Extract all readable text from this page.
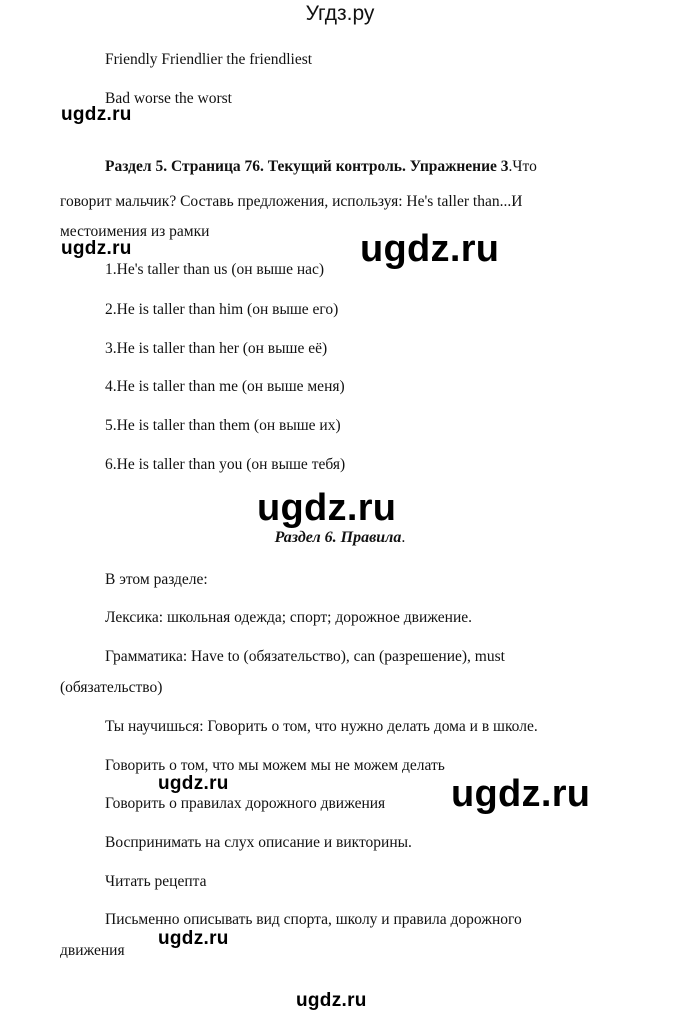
Угдз.ру
Friendly Friendlier the friendliest
Bad worse the worst
ugdz.ru
Раздел 5. Страница 76. Текущий контроль. Упражнение 3.Что
говорит мальчик? Составь предложения, используя: He's taller than...И
местоимения из рамки
ugdz.ru	ugdz.ru
1.He's taller than us (он выше нас)
2.He is taller than him (он выше его)
3.He is taller than her (он выше её)
4.He is taller than me (он выше меня)
5.He is taller than them (он выше их)
6.He is taller than you (он выше тебя)
ugdz.ru
Раздел 6. Правила.
В этом разделе:
Лексика: школьная одежда; спорт; дорожное движение.
Грамматика: Have to (обязательство), can (разрешение), must
(обязательство)
Ты научишься: Говорить о том, что нужно делать дома и в школе.
Говорить о том, что мы можем мы не можем делать
ugdz.ru	ugdz.ru
Говорить о правилах дорожного движения
Воспринимать на слух описание и викторины.
Читать рецепта
Письменно описывать вид спорта, школу и правила дорожного
движения
ugdz.ru
ugdz.ru
